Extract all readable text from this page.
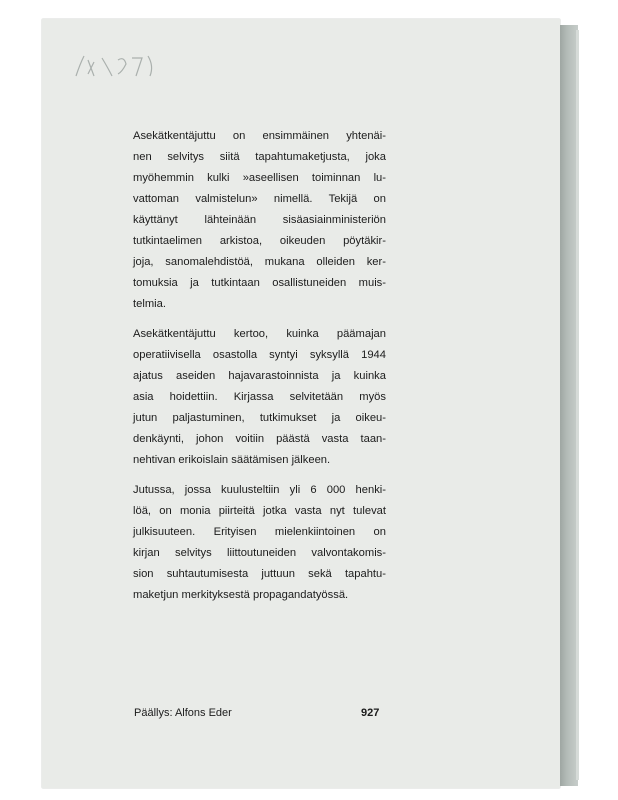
Asekätkentäjuttu on ensimmäinen yhtenäi-
nen selvitys siitä tapahtumaketjusta, joka
myöhemmin kulki »aseellisen toiminnan lu-
vattoman valmistelun» nimellä. Tekijä on
käyttänyt lähteinään sisäasiainministeriön
tutkintaelimen arkistoa, oikeuden pöytäkir-
joja, sanomalehdistöä, mukana olleiden ker-
tomuksia ja tutkintaan osallistuneiden muis-
telmia.
Asekätkentäjuttu kertoo, kuinka päämajan
operatiivisella osastolla syntyi syksyllä 1944
ajatus aseiden hajavarastoinnista ja kuinka
asia hoidettiin. Kirjassa selvitetään myös
jutun paljastuminen, tutkimukset ja oikeu-
denkäynti, johon voitiin päästä vasta taan-
nehtivan erikoislain säätämisen jälkeen.
Jutussa, jossa kuulusteltiin yli 6 000 henki-
löä, on monia piirteitä jotka vasta nyt tulevat
julkisuuteen. Erityisen mielenkiintoinen on
kirjan selvitys liittoutuneiden valvontakomis-
sion suhtautumisesta juttuun sekä tapahtu-
maketjun merkityksestä propagandatyössä.
Päällys: Alfons Eder	927
